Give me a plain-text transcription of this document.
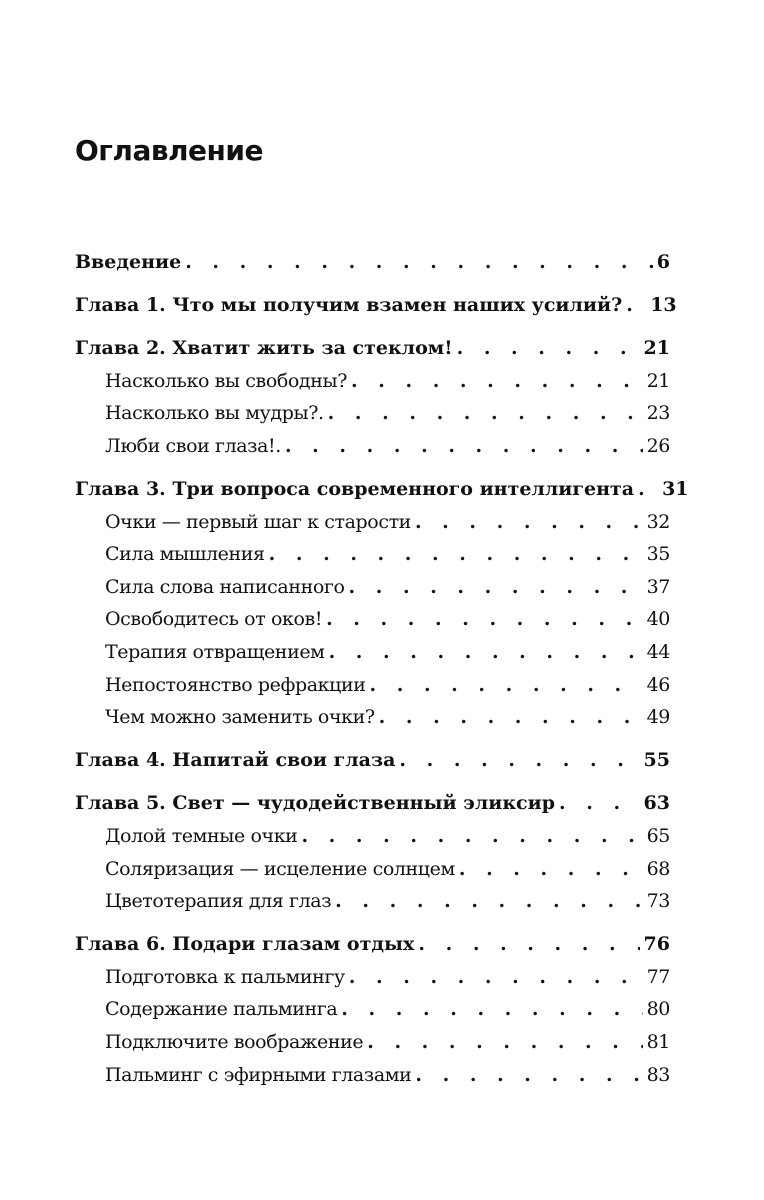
Оглавление
Введение . . .	6
Глава 1. Что мы получим взамен наших усилий? . . . 13
Глава 2. Хватит жить за стеклом! . . .	21
Насколько вы свободны? . . .	21
Насколько вы мудры?. . . .	23
Люби свои глаза!. . . .	26
Глава 3. Три вопроса современного интеллигента . . . 31
Очки — первый шаг к старости . . .	32
Сила мышления . . .	35
Сила слова написанного . . .	37
Освободитесь от оков! . . .	40
Терапия отвращением . . .	44
Непостоянство рефракции . . .	46
Чем можно заменить очки? . . .	49
Глава 4. Напитай свои глаза . . .	55
Глава 5. Свет — чудодейственный эликсир . . .	63
Долой темные очки . . .	65
Соляризация — исцеление солнцем . . .	68
Цветотерапия для глаз . . .	73
Глава 6. Подари глазам отдых . . .	76
Подготовка к пальмингу . . .	77
Содержание пальминга . . .	80
Подключите воображение . . .	81
Пальминг с эфирными глазами . . .	83
